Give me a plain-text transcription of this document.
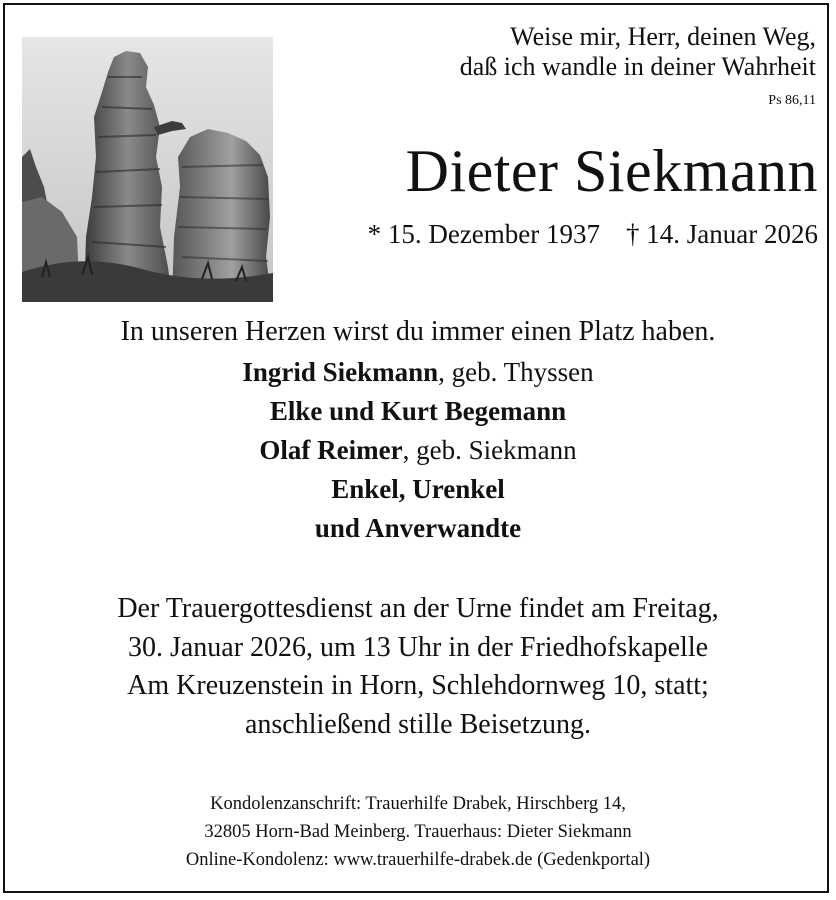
Weise mir, Herr, deinen Weg,
daß ich wandle in deiner Wahrheit
Ps 86,11
Dieter Siekmann
* 15. Dezember 1937 † 14. Januar 2026
In unseren Herzen wirst du immer einen Platz haben.
Ingrid Siekmann, geb. Thyssen
Elke und Kurt Begemann
Olaf Reimer, geb. Siekmann
Enkel, Urenkel
und Anverwandte
Der Trauergottesdienst an der Urne findet am Freitag,
30. Januar 2026, um 13 Uhr in der Friedhofskapelle
Am Kreuzenstein in Horn, Schlehdornweg 10, statt;
anschließend stille Beisetzung.
Kondolenzanschrift: Trauerhilfe Drabek, Hirschberg 14,
32805 Horn-Bad Meinberg. Trauerhaus: Dieter Siekmann
Online-Kondolenz: www.trauerhilfe-drabek.de (Gedenkportal)
